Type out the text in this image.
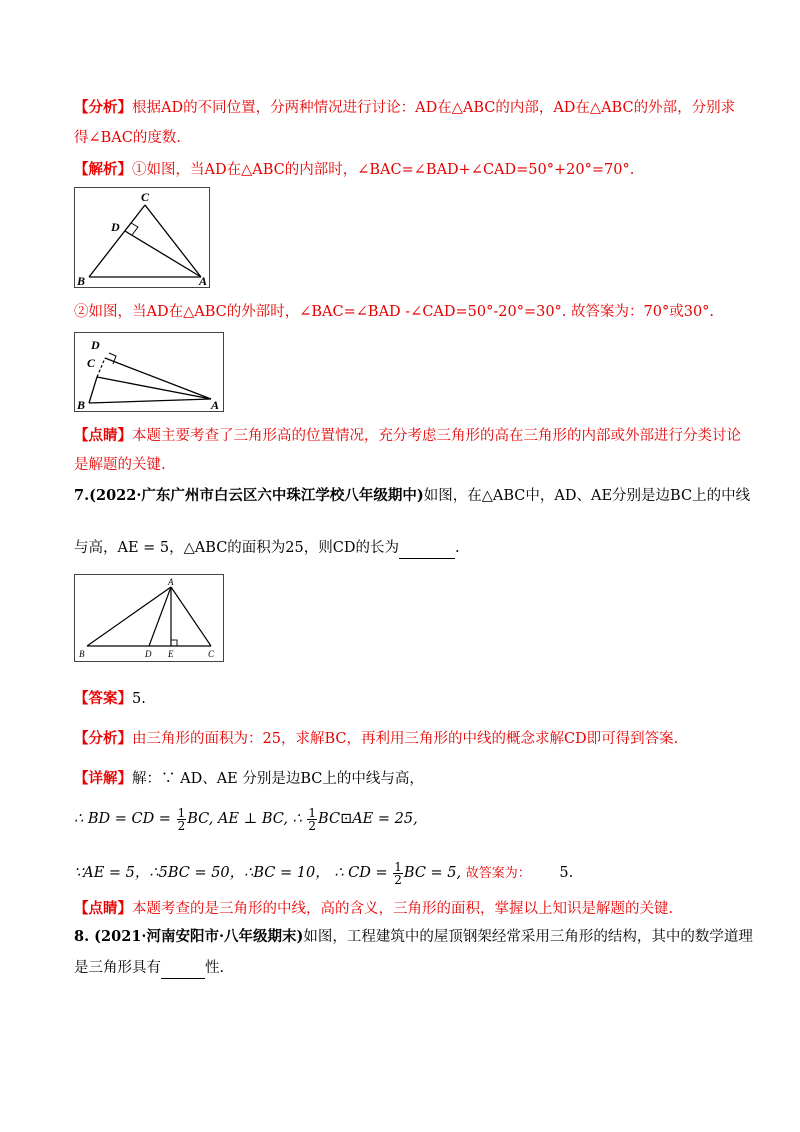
【分析】根据AD的不同位置，分两种情况进行讨论：AD在△ABC的内部，AD在△ABC的外部，分别求
得∠BAC的度数.
【解析】①如图，当AD在△ABC的内部时，∠BAC=∠BAD+∠CAD=50°+20°=70°.
C
D
B	A
②如图，当AD在△ABC的外部时，∠BAC=∠BAD -∠CAD=50°-20°=30°. 故答案为：70°或30°.
D
C
B	A
【点睛】本题主要考查了三角形高的位置情况，充分考虑三角形的高在三角形的内部或外部进行分类讨论
是解题的关键.
7.(2022·广东广州市白云区六中珠江学校八年级期中)如图，在△ABC中，AD、AE分别是边BC上的中线
与高，AE = 5，△ABC的面积为25，则CD的长为	.
A
B	D E	C
【答案】5.
【分析】由三角形的面积为：25，求解BC，再利用三角形的中线的概念求解CD即可得到答案.
【详解】解：∵ AD、AE 分别是边BC上的中线与高，
∴ BD = CD = $\frac{1}{2}$ BC, AE ⊥ BC, ∴ $\frac{1}{2}$ BC⊡AE = 25,
∵AE = 5，∴5BC = 50，∴BC = 10， ∴ CD = $\frac{1}{2}$ BC = 5, 故答案为： 5.
【点睛】本题考查的是三角形的中线，高的含义，三角形的面积，掌握以上知识是解题的关键.
8. (2021·河南安阳市·八年级期末)如图，工程建筑中的屋顶钢架经常采用三角形的结构，其中的数学道理
是三角形具有	性.
